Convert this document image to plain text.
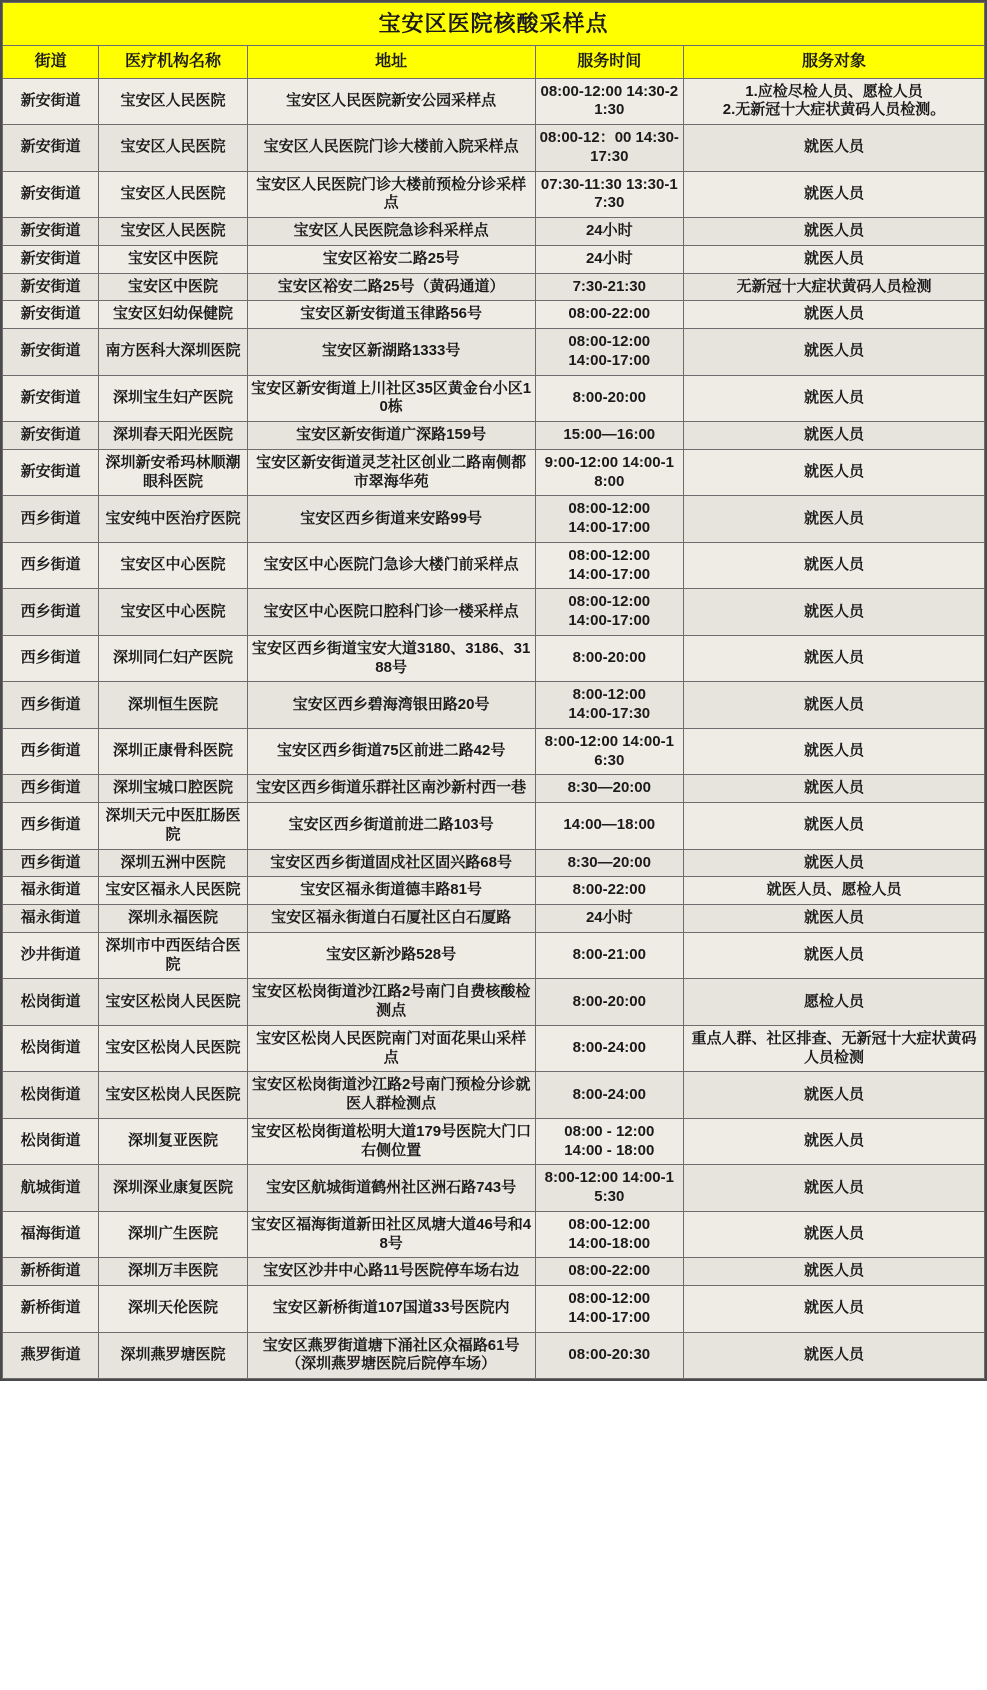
宝安区医院核酸采样点				
街道	医疗机构名称	地址	服务时间	服务对象
新安街道	宝安区人民医院	宝安区人民医院新安公园采样点	08:00-12:00 14:30-21:30	1.应检尽检人员、愿检人员
2.无新冠十大症状黄码人员检测。
新安街道	宝安区人民医院	宝安区人民医院门诊大楼前入院采样点	08:00-12：00 14:30-17:30	就医人员
新安街道	宝安区人民医院	宝安区人民医院门诊大楼前预检分诊采样点	07:30-11:30 13:30-17:30	就医人员
新安街道	宝安区人民医院	宝安区人民医院急诊科采样点	24小时	就医人员
新安街道	宝安区中医院	宝安区裕安二路25号	24小时	就医人员
新安街道	宝安区中医院	宝安区裕安二路25号（黄码通道）	7:30-21:30	无新冠十大症状黄码人员检测
新安街道	宝安区妇幼保健院	宝安区新安街道玉律路56号	08:00-22:00	就医人员
新安街道	南方医科大深圳医院	宝安区新湖路1333号	08:00-12:00
14:00-17:00	就医人员
新安街道	深圳宝生妇产医院	宝安区新安街道上川社区35区黄金台小区10栋	8:00-20:00	就医人员
新安街道	深圳春天阳光医院	宝安区新安街道广深路159号	15:00—16:00	就医人员
新安街道	深圳新安希玛林顺潮眼科医院	宝安区新安街道灵芝社区创业二路南侧都市翠海华苑	9:00-12:00 14:00-18:00	就医人员
西乡街道	宝安纯中医治疗医院	宝安区西乡街道来安路99号	08:00-12:00
14:00-17:00	就医人员
西乡街道	宝安区中心医院	宝安区中心医院门急诊大楼门前采样点	08:00-12:00
14:00-17:00	就医人员
西乡街道	宝安区中心医院	宝安区中心医院口腔科门诊一楼采样点	08:00-12:00
14:00-17:00	就医人员
西乡街道	深圳同仁妇产医院	宝安区西乡街道宝安大道3180、3186、3188号	8:00-20:00	就医人员
西乡街道	深圳恒生医院	宝安区西乡碧海湾银田路20号	8:00-12:00
14:00-17:30	就医人员
西乡街道	深圳正康骨科医院	宝安区西乡街道75区前进二路42号	8:00-12:00 14:00-16:30	就医人员
西乡街道	深圳宝城口腔医院	宝安区西乡街道乐群社区南沙新村西一巷	8:30—20:00	就医人员
西乡街道	深圳天元中医肛肠医院	宝安区西乡街道前进二路103号	14:00—18:00	就医人员
西乡街道	深圳五洲中医院	宝安区西乡街道固戍社区固兴路68号	8:30—20:00	就医人员
福永街道	宝安区福永人民医院	宝安区福永街道德丰路81号	8:00-22:00	就医人员、愿检人员
福永街道	深圳永福医院	宝安区福永街道白石厦社区白石厦路	24小时	就医人员
沙井街道	深圳市中西医结合医院	宝安区新沙路528号	8:00-21:00	就医人员
松岗街道	宝安区松岗人民医院	宝安区松岗街道沙江路2号南门自费核酸检测点	8:00-20:00	愿检人员
松岗街道	宝安区松岗人民医院	宝安区松岗人民医院南门对面花果山采样点	8:00-24:00	重点人群、社区排查、无新冠十大症状黄码人员检测
松岗街道	宝安区松岗人民医院	宝安区松岗街道沙江路2号南门预检分诊就医人群检测点	8:00-24:00	就医人员
松岗街道	深圳复亚医院	宝安区松岗街道松明大道179号医院大门口右侧位置	08:00 - 12:00
14:00 - 18:00	就医人员
航城街道	深圳深业康复医院	宝安区航城街道鹤州社区洲石路743号	8:00-12:00 14:00-15:30	就医人员
福海街道	深圳广生医院	宝安区福海街道新田社区凤塘大道46号和48号	08:00-12:00
14:00-18:00	就医人员
新桥街道	深圳万丰医院	宝安区沙井中心路11号医院停车场右边	08:00-22:00	就医人员
新桥街道	深圳天伦医院	宝安区新桥街道107国道33号医院内	08:00-12:00
14:00-17:00	就医人员
燕罗街道	深圳燕罗塘医院	宝安区燕罗街道塘下涌社区众福路61号（深圳燕罗塘医院后院停车场）	08:00-20:30	就医人员
